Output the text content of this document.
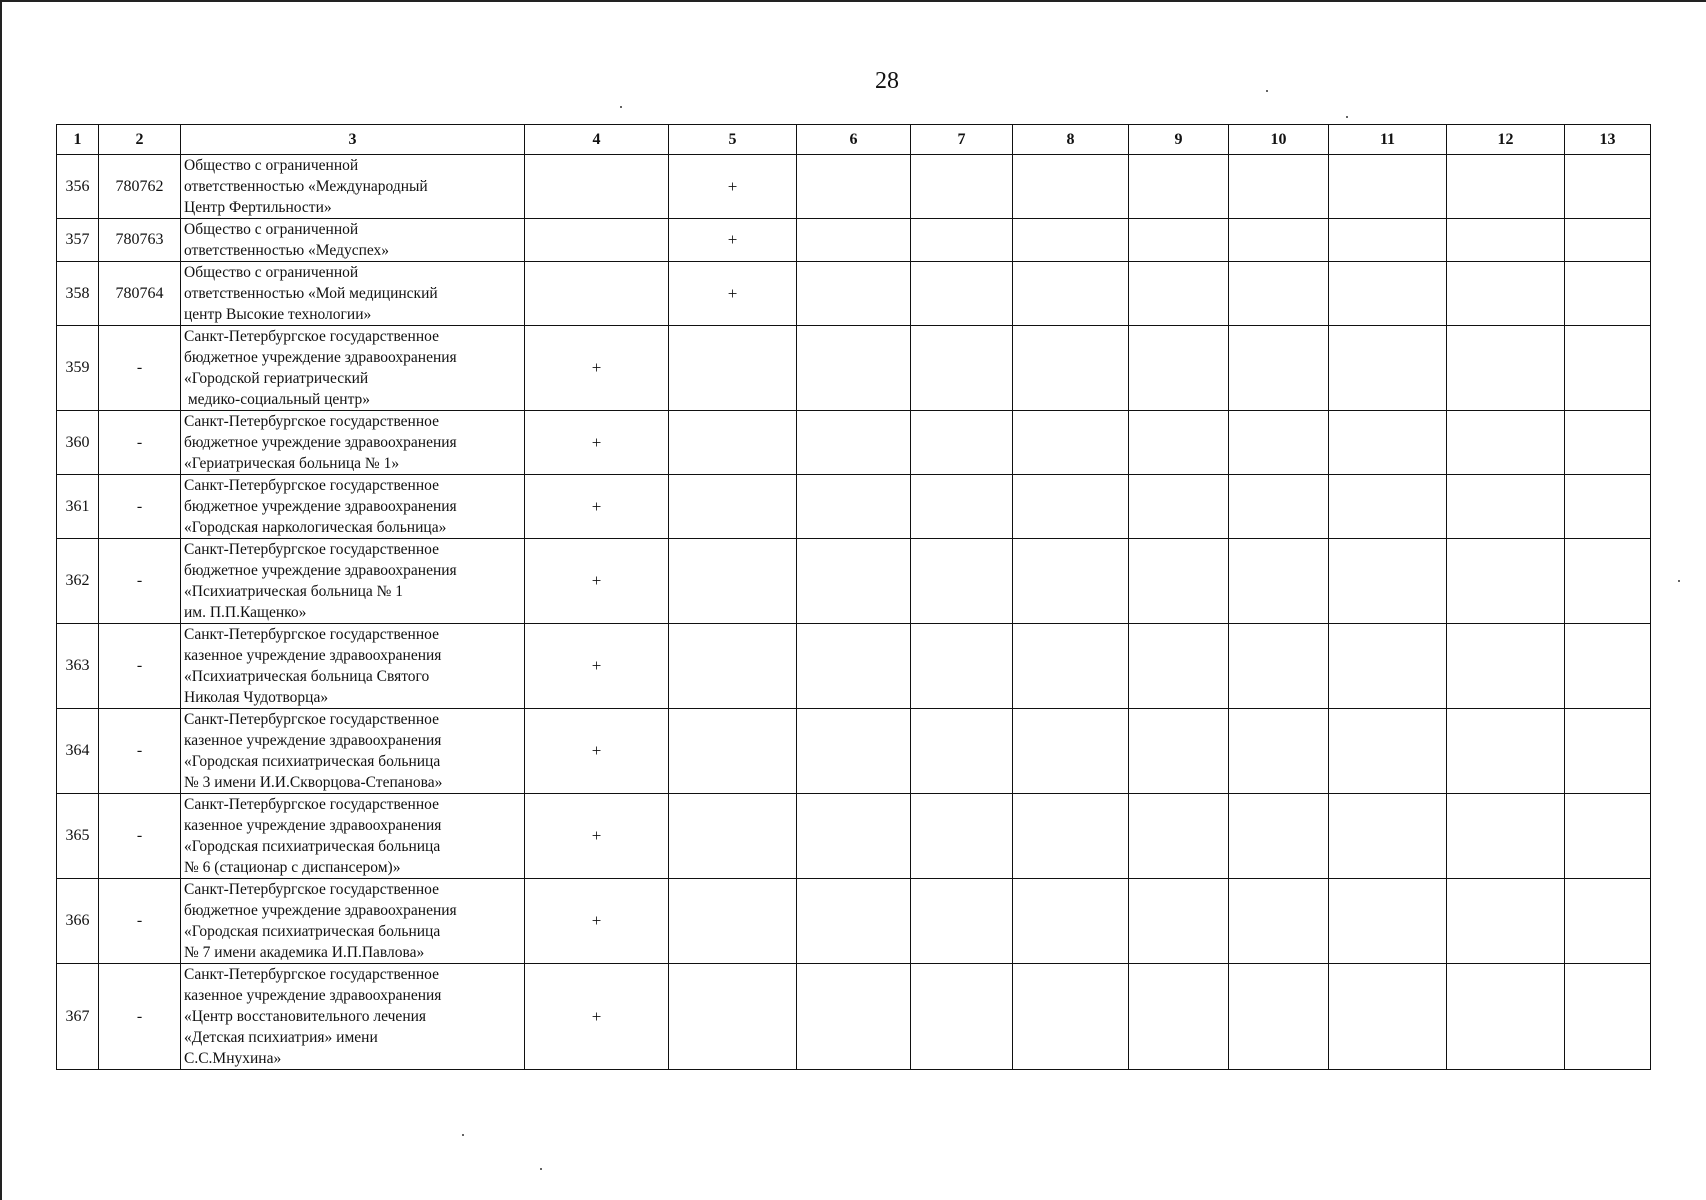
28
1	2	3	4	5	6	7	8	9	10	11	12	13
356	780762	Общество с ограниченной
ответственностью «Международный
Центр Фертильности»		+								
357	780763	Общество с ограниченной
ответственностью «Медуспех»		+								
358	780764	Общество с ограниченной
ответственностью «Мой медицинский
центр Высокие технологии»		+								
359	-	Санкт-Петербургское государственное
бюджетное учреждение здравоохранения
«Городской гериатрический
медико-социальный центр»	+									
360	-	Санкт-Петербургское государственное
бюджетное учреждение здравоохранения
«Гериатрическая больница № 1»	+									
361	-	Санкт-Петербургское государственное
бюджетное учреждение здравоохранения
«Городская наркологическая больница»	+									
362	-	Санкт-Петербургское государственное
бюджетное учреждение здравоохранения
«Психиатрическая больница № 1
им. П.П.Кащенко»	+									
363	-	Санкт-Петербургское государственное
казенное учреждение здравоохранения
«Психиатрическая больница Святого
Николая Чудотворца»	+									
364	-	Санкт-Петербургское государственное
казенное учреждение здравоохранения
«Городская психиатрическая больница
№ 3 имени И.И.Скворцова-Степанова»	+									
365	-	Санкт-Петербургское государственное
казенное учреждение здравоохранения
«Городская психиатрическая больница
№ 6 (стационар с диспансером)»	+									
366	-	Санкт-Петербургское государственное
бюджетное учреждение здравоохранения
«Городская психиатрическая больница
№ 7 имени академика И.П.Павлова»	+									
367	-	Санкт-Петербургское государственное
казенное учреждение здравоохранения
«Центр восстановительного лечения
«Детская психиатрия» имени
С.С.Мнухина»	+									
